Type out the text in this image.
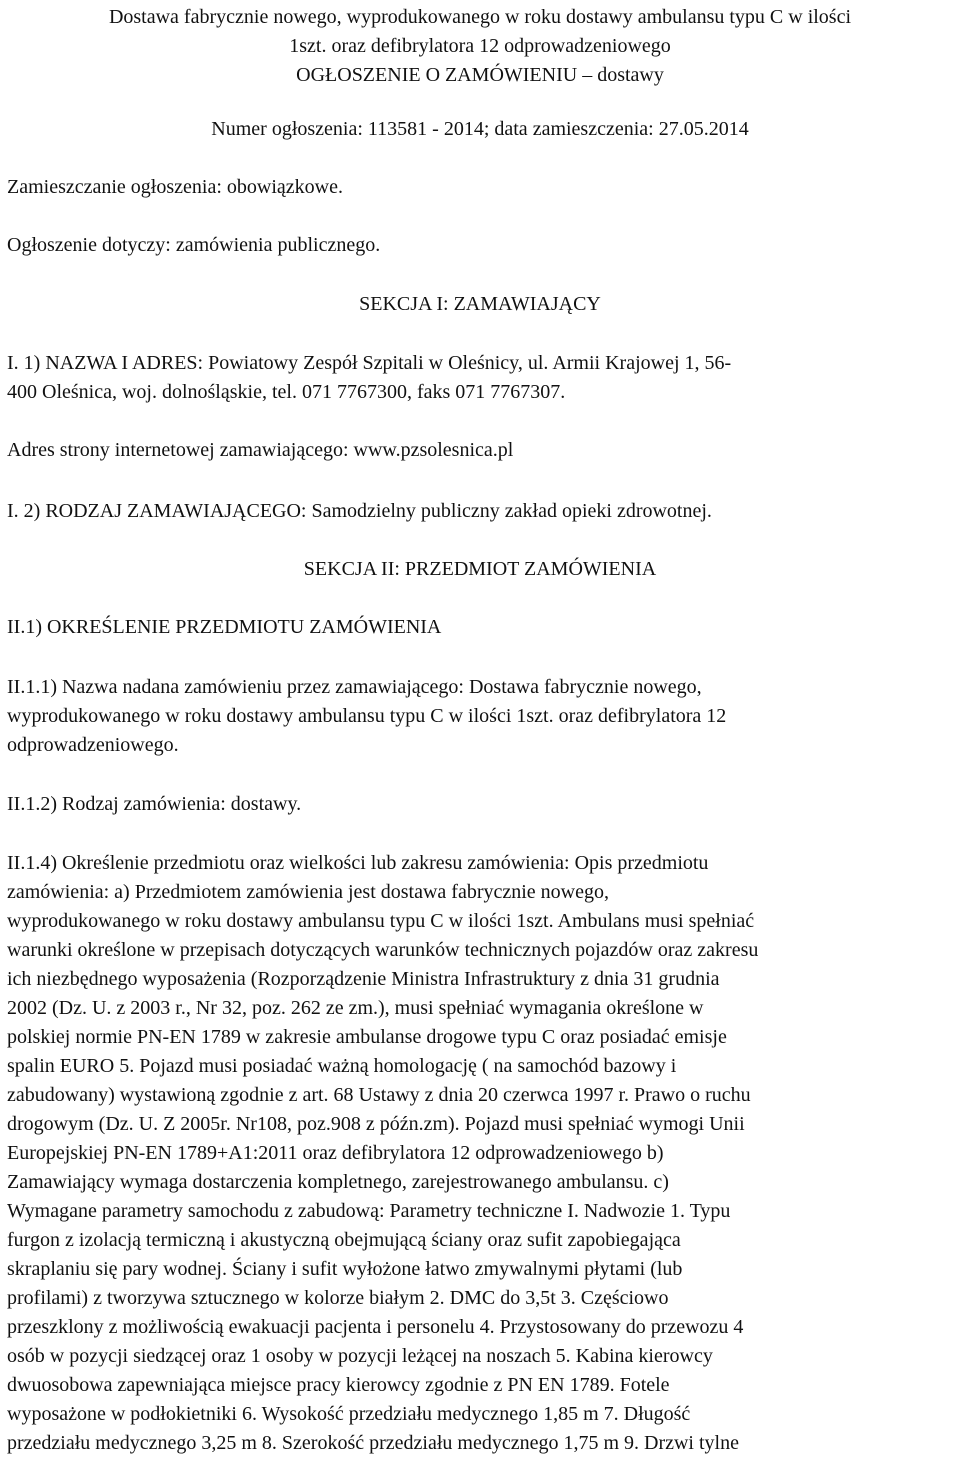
Dostawa fabrycznie nowego, wyprodukowanego w roku dostawy ambulansu typu C w ilości
1szt. oraz defibrylatora 12 odprowadzeniowego
OGŁOSZENIE O ZAMÓWIENIU – dostawy
Numer ogłoszenia: 113581 - 2014; data zamieszczenia: 27.05.2014
Zamieszczanie ogłoszenia: obowiązkowe.
Ogłoszenie dotyczy: zamówienia publicznego.
SEKCJA I: ZAMAWIAJĄCY
I. 1) NAZWA I ADRES: Powiatowy Zespół Szpitali w Oleśnicy, ul. Armii Krajowej 1, 56-
400 Oleśnica, woj. dolnośląskie, tel. 071 7767300, faks 071 7767307.
Adres strony internetowej zamawiającego: www.pzsolesnica.pl
I. 2) RODZAJ ZAMAWIAJĄCEGO: Samodzielny publiczny zakład opieki zdrowotnej.
SEKCJA II: PRZEDMIOT ZAMÓWIENIA
II.1) OKREŚLENIE PRZEDMIOTU ZAMÓWIENIA
II.1.1) Nazwa nadana zamówieniu przez zamawiającego: Dostawa fabrycznie nowego,
wyprodukowanego w roku dostawy ambulansu typu C w ilości 1szt. oraz defibrylatora 12
odprowadzeniowego.
II.1.2) Rodzaj zamówienia: dostawy.
II.1.4) Określenie przedmiotu oraz wielkości lub zakresu zamówienia: Opis przedmiotu
zamówienia: a) Przedmiotem zamówienia jest dostawa fabrycznie nowego,
wyprodukowanego w roku dostawy ambulansu typu C w ilości 1szt. Ambulans musi spełniać
warunki określone w przepisach dotyczących warunków technicznych pojazdów oraz zakresu
ich niezbędnego wyposażenia (Rozporządzenie Ministra Infrastruktury z dnia 31 grudnia
2002 (Dz. U. z 2003 r., Nr 32, poz. 262 ze zm.), musi spełniać wymagania określone w
polskiej normie PN-EN 1789 w zakresie ambulanse drogowe typu C oraz posiadać emisje
spalin EURO 5. Pojazd musi posiadać ważną homologację ( na samochód bazowy i
zabudowany) wystawioną zgodnie z art. 68 Ustawy z dnia 20 czerwca 1997 r. Prawo o ruchu
drogowym (Dz. U. Z 2005r. Nr108, poz.908 z późn.zm). Pojazd musi spełniać wymogi Unii
Europejskiej PN-EN 1789+A1:2011 oraz defibrylatora 12 odprowadzeniowego b)
Zamawiający wymaga dostarczenia kompletnego, zarejestrowanego ambulansu. c)
Wymagane parametry samochodu z zabudową: Parametry techniczne I. Nadwozie 1. Typu
furgon z izolacją termiczną i akustyczną obejmującą ściany oraz sufit zapobiegająca
skraplaniu się pary wodnej. Ściany i sufit wyłożone łatwo zmywalnymi płytami (lub
profilami) z tworzywa sztucznego w kolorze białym 2. DMC do 3,5t 3. Częściowo
przeszklony z możliwością ewakuacji pacjenta i personelu 4. Przystosowany do przewozu 4
osób w pozycji siedzącej oraz 1 osoby w pozycji leżącej na noszach 5. Kabina kierowcy
dwuosobowa zapewniająca miejsce pracy kierowcy zgodnie z PN EN 1789. Fotele
wyposażone w podłokietniki 6. Wysokość przedziału medycznego 1,85 m 7. Długość
przedziału medycznego 3,25 m 8. Szerokość przedziału medycznego 1,75 m 9. Drzwi tylne
